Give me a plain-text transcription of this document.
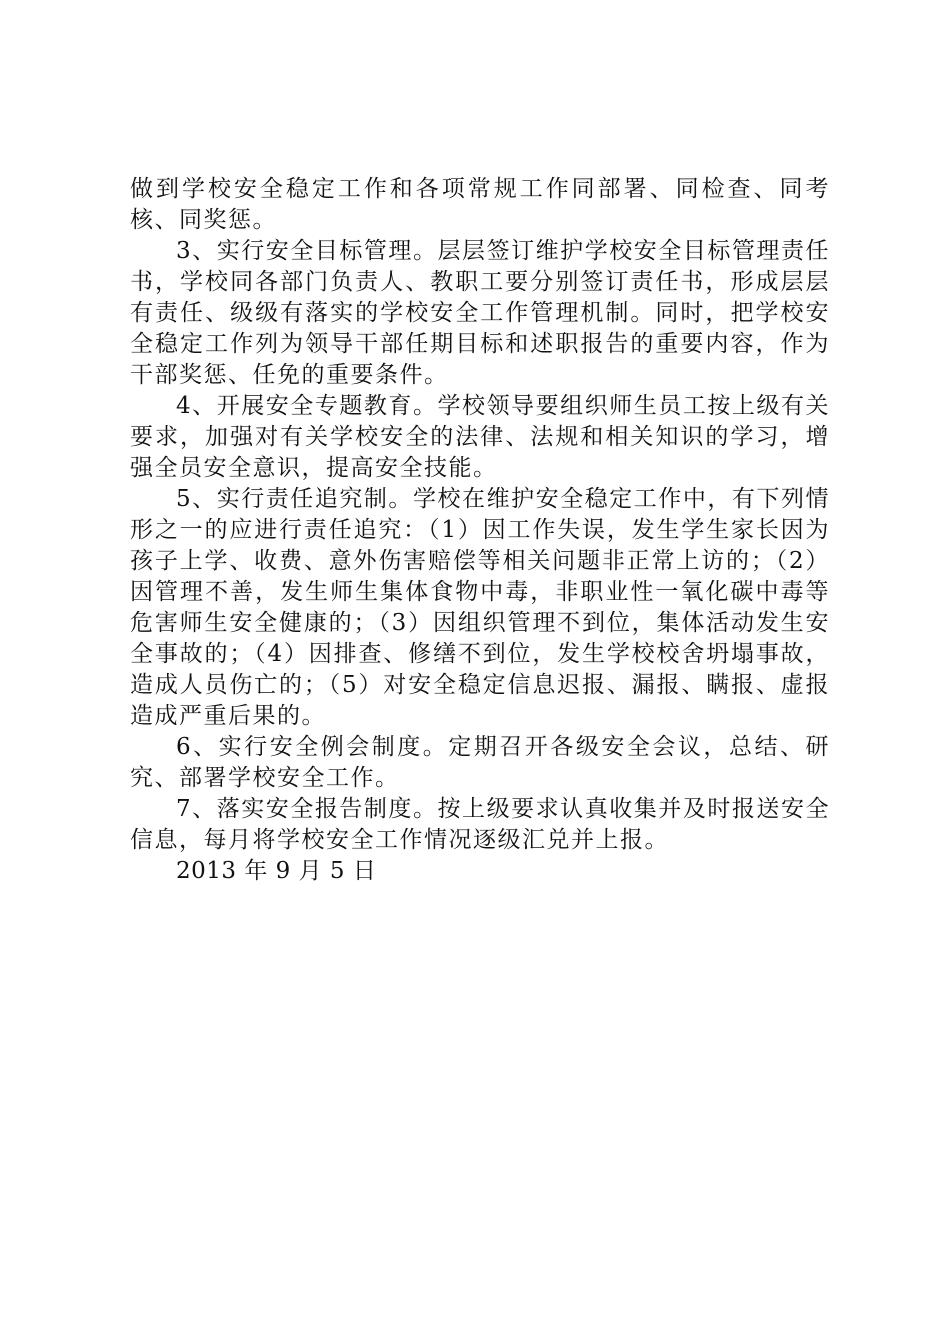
做到学校安全稳定工作和各项常规工作同部署、同检查、同考核、同奖惩。

3、实行安全目标管理。层层签订维护学校安全目标管理责任书，学校同各部门负责人、教职工要分别签订责任书，形成层层有责任、级级有落实的学校安全工作管理机制。同时，把学校安全稳定工作列为领导干部任期目标和述职报告的重要内容，作为干部奖惩、任免的重要条件。

4、开展安全专题教育。学校领导要组织师生员工按上级有关要求，加强对有关学校安全的法律、法规和相关知识的学习，增强全员安全意识，提高安全技能。

5、实行责任追究制。学校在维护安全稳定工作中，有下列情形之一的应进行责任追究：（1）因工作失误，发生学生家长因为孩子上学、收费、意外伤害赔偿等相关问题非正常上访的；（2）因管理不善，发生师生集体食物中毒，非职业性一氧化碳中毒等危害师生安全健康的；（3）因组织管理不到位，集体活动发生安全事故的；（4）因排查、修缮不到位，发生学校校舍坍塌事故，造成人员伤亡的；（5）对安全稳定信息迟报、漏报、瞒报、虚报造成严重后果的。

6、实行安全例会制度。定期召开各级安全会议，总结、研究、部署学校安全工作。

7、落实安全报告制度。按上级要求认真收集并及时报送安全信息，每月将学校安全工作情况逐级汇兑并上报。

2013 年 9 月 5 日
